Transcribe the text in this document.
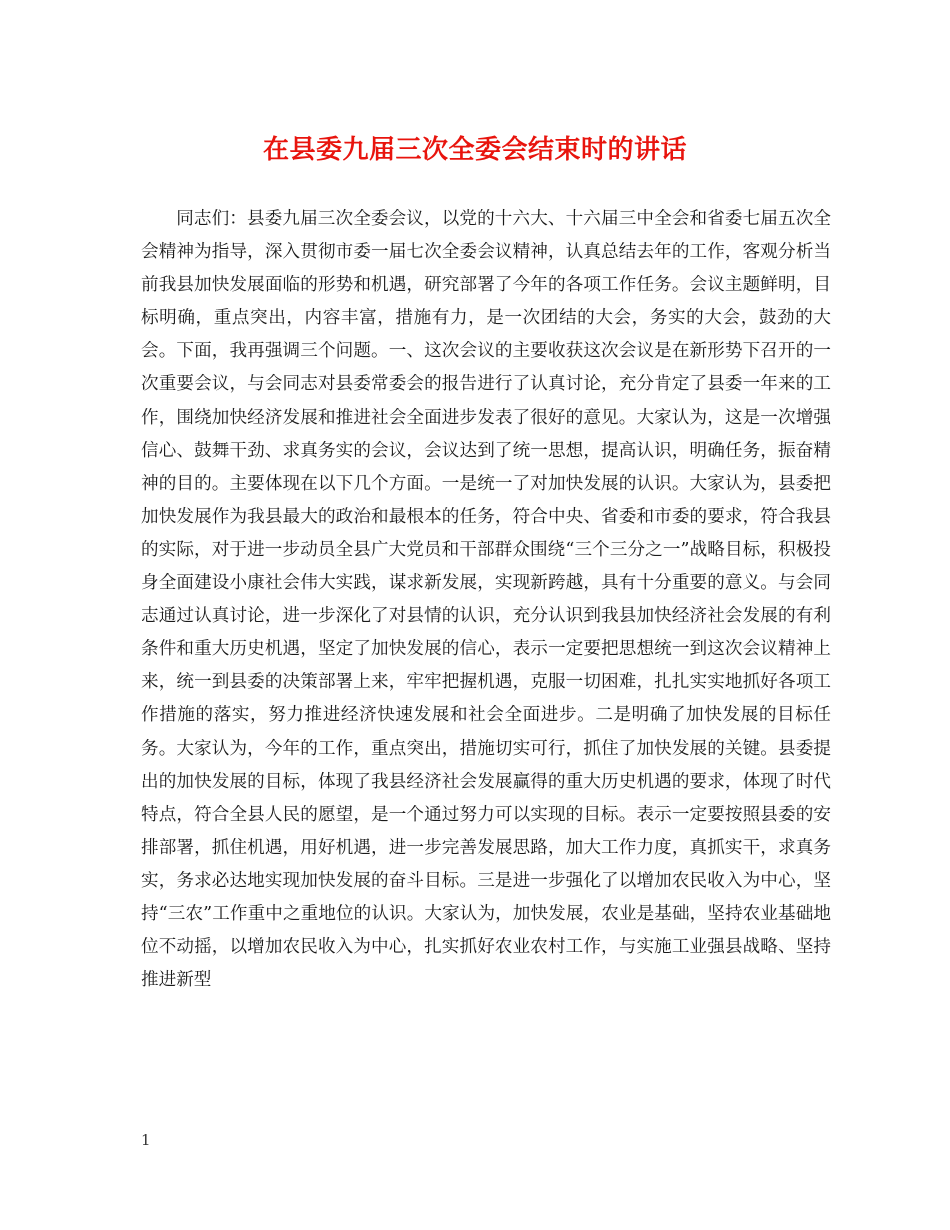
在县委九届三次全委会结束时的讲话

同志们：县委九届三次全委会议，以党的十六大、十六届三中全会和省委七届五次全会精神为指导，深入贯彻市委一届七次全委会议精神，认真总结去年的工作，客观分析当前我县加快发展面临的形势和机遇，研究部署了今年的各项工作任务。会议主题鲜明，目标明确，重点突出，内容丰富，措施有力，是一次团结的大会，务实的大会，鼓劲的大会。下面，我再强调三个问题。一、这次会议的主要收获这次会议是在新形势下召开的一次重要会议，与会同志对县委常委会的报告进行了认真讨论，充分肯定了县委一年来的工作，围绕加快经济发展和推进社会全面进步发表了很好的意见。大家认为，这是一次增强信心、鼓舞干劲、求真务实的会议，会议达到了统一思想，提高认识，明确任务，振奋精神的目的。主要体现在以下几个方面。一是统一了对加快发展的认识。大家认为，县委把加快发展作为我县最大的政治和最根本的任务，符合中央、省委和市委的要求，符合我县的实际，对于进一步动员全县广大党员和干部群众围绕“三个三分之一”战略目标，积极投身全面建设小康社会伟大实践，谋求新发展，实现新跨越，具有十分重要的意义。与会同志通过认真讨论，进一步深化了对县情的认识，充分认识到我县加快经济社会发展的有利条件和重大历史机遇，坚定了加快发展的信心，表示一定要把思想统一到这次会议精神上来，统一到县委的决策部署上来，牢牢把握机遇，克服一切困难，扎扎实实地抓好各项工作措施的落实，努力推进经济快速发展和社会全面进步。二是明确了加快发展的目标任务。大家认为，今年的工作，重点突出，措施切实可行，抓住了加快发展的关键。县委提出的加快发展的目标，体现了我县经济社会发展赢得的重大历史机遇的要求，体现了时代特点，符合全县人民的愿望，是一个通过努力可以实现的目标。表示一定要按照县委的安排部署，抓住机遇，用好机遇，进一步完善发展思路，加大工作力度，真抓实干，求真务实，务求必达地实现加快发展的奋斗目标。三是进一步强化了以增加农民收入为中心，坚持“三农”工作重中之重地位的认识。大家认为，加快发展，农业是基础，坚持农业基础地位不动摇，以增加农民收入为中心，扎实抓好农业农村工作，与实施工业强县战略、坚持推进新型

1
